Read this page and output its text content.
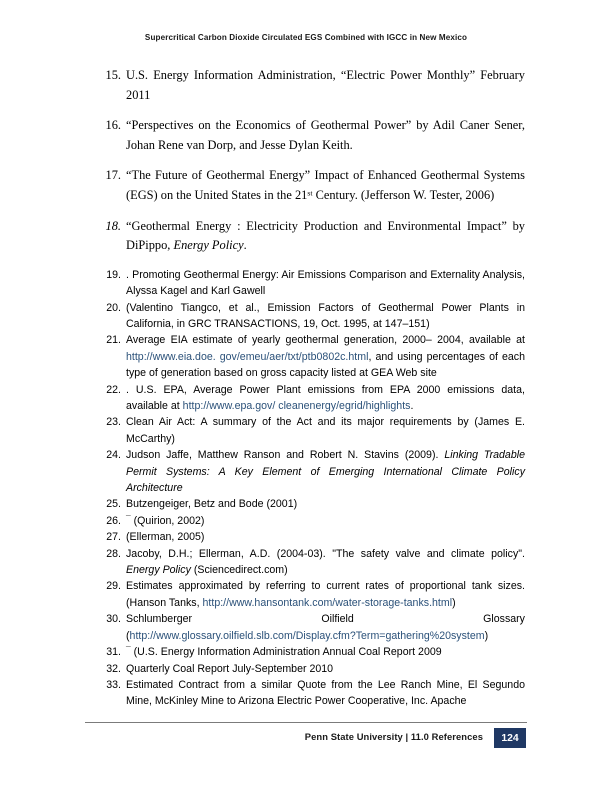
Supercritical Carbon Dioxide Circulated EGS Combined with IGCC in New Mexico
15. U.S. Energy Information Administration, “Electric Power Monthly” February 2011
16. “Perspectives on the Economics of Geothermal Power” by Adil Caner Sener, Johan Rene van Dorp, and Jesse Dylan Keith.
17. “The Future of Geothermal Energy” Impact of Enhanced Geothermal Systems (EGS) on the United States in the 21st Century. (Jefferson W. Tester, 2006)
18. “Geothermal Energy : Electricity Production and Environmental Impact” by DiPippo, Energy Policy.
19. . Promoting Geothermal Energy: Air Emissions Comparison and Externality Analysis, Alyssa Kagel and Karl Gawell
20. (Valentino Tiangco, et al., Emission Factors of Geothermal Power Plants in California, in GRC TRANSACTIONS, 19, Oct. 1995, at 147–151)
21. Average EIA estimate of yearly geothermal generation, 2000– 2004, available at http://www.eia.doe. gov/emeu/aer/txt/ptb0802c.html, and using percentages of each type of generation based on gross capacity listed at GEA Web site
22. . U.S. EPA, Average Power Plant emissions from EPA 2000 emissions data, available at http://www.epa.gov/ cleanenergy/egrid/highlights.
23. Clean Air Act: A summary of the Act and its major requirements by (James E. McCarthy)
24. Judson Jaffe, Matthew Ranson and Robert N. Stavins (2009). Linking Tradable Permit Systems: A Key Element of Emerging International Climate Policy Architecture
25. Butzengeiger, Betz and Bode (2001)
26. ¯ (Quirion, 2002)
27. (Ellerman, 2005)
28. Jacoby, D.H.; Ellerman, A.D. (2004-03). "The safety valve and climate policy". Energy Policy (Sciencedirect.com)
29. Estimates approximated by referring to current rates of proportional tank sizes. (Hanson Tanks, http://www.hansontank.com/water-storage-tanks.html)
30. Schlumberger                                 Oilfield                                 Glossary (http://www.glossary.oilfield.slb.com/Display.cfm?Term=gathering%20system)
31. ¯ (U.S. Energy Information Administration Annual Coal Report 2009
32. Quarterly Coal Report July-September 2010
33. Estimated Contract from a similar Quote from the Lee Ranch Mine, El Segundo Mine, McKinley Mine to Arizona Electric Power Cooperative, Inc. Apache
Penn State University | 11.0 References	124
